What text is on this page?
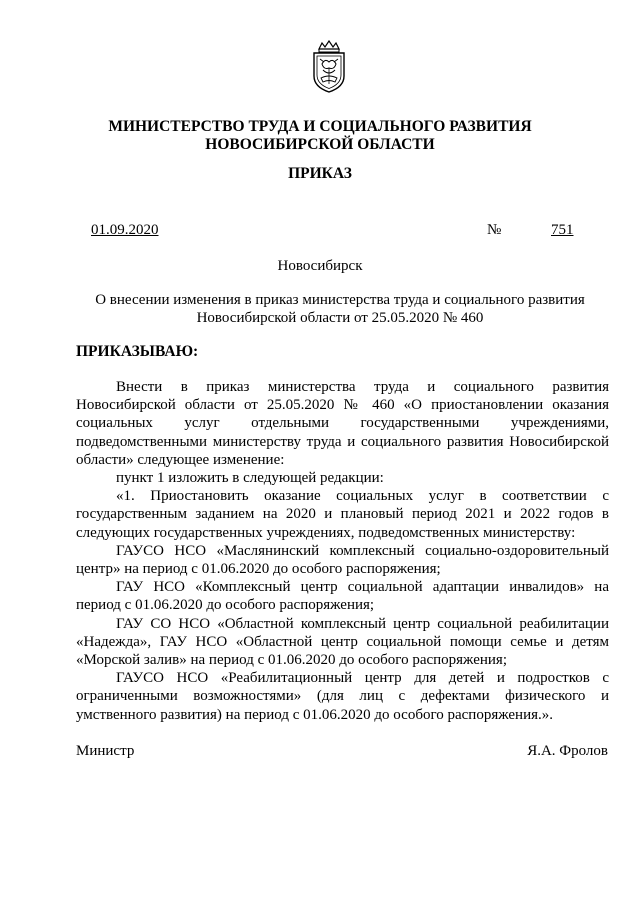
МИНИСТЕРСТВО ТРУДА И СОЦИАЛЬНОГО РАЗВИТИЯ
НОВОСИБИРСКОЙ ОБЛАСТИ
ПРИКАЗ
01.09.2020	№	751
Новосибирск
О внесении изменения в приказ министерства труда и социального развития
Новосибирской области от 25.05.2020 № 460
ПРИКАЗЫВАЮ:

Внести в приказ министерства труда и социального развития Новосибирской области от 25.05.2020 № 460 «О приостановлении оказания социальных услуг отдельными государственными учреждениями, подведомственными министерству труда и социального развития Новосибирской области» следующее изменение:

пункт 1 изложить в следующей редакции:

«1. Приостановить оказание социальных услуг в соответствии с государственным заданием на 2020 и плановый период 2021 и 2022 годов в следующих государственных учреждениях, подведомственных министерству:

ГАУСО НСО «Маслянинский комплексный социально-оздоровительный центр» на период с 01.06.2020 до особого распоряжения;

ГАУ НСО «Комплексный центр социальной адаптации инвалидов» на период с 01.06.2020 до особого распоряжения;

ГАУ СО НСО «Областной комплексный центр социальной реабилитации «Надежда», ГАУ НСО «Областной центр социальной помощи семье и детям «Морской залив» на период с 01.06.2020 до особого распоряжения;

ГАУСО НСО «Реабилитационный центр для детей и подростков с ограниченными возможностями» (для лиц с дефектами физического и умственного развития) на период с 01.06.2020 до особого распоряжения.».

Министр	Я.А. Фролов
